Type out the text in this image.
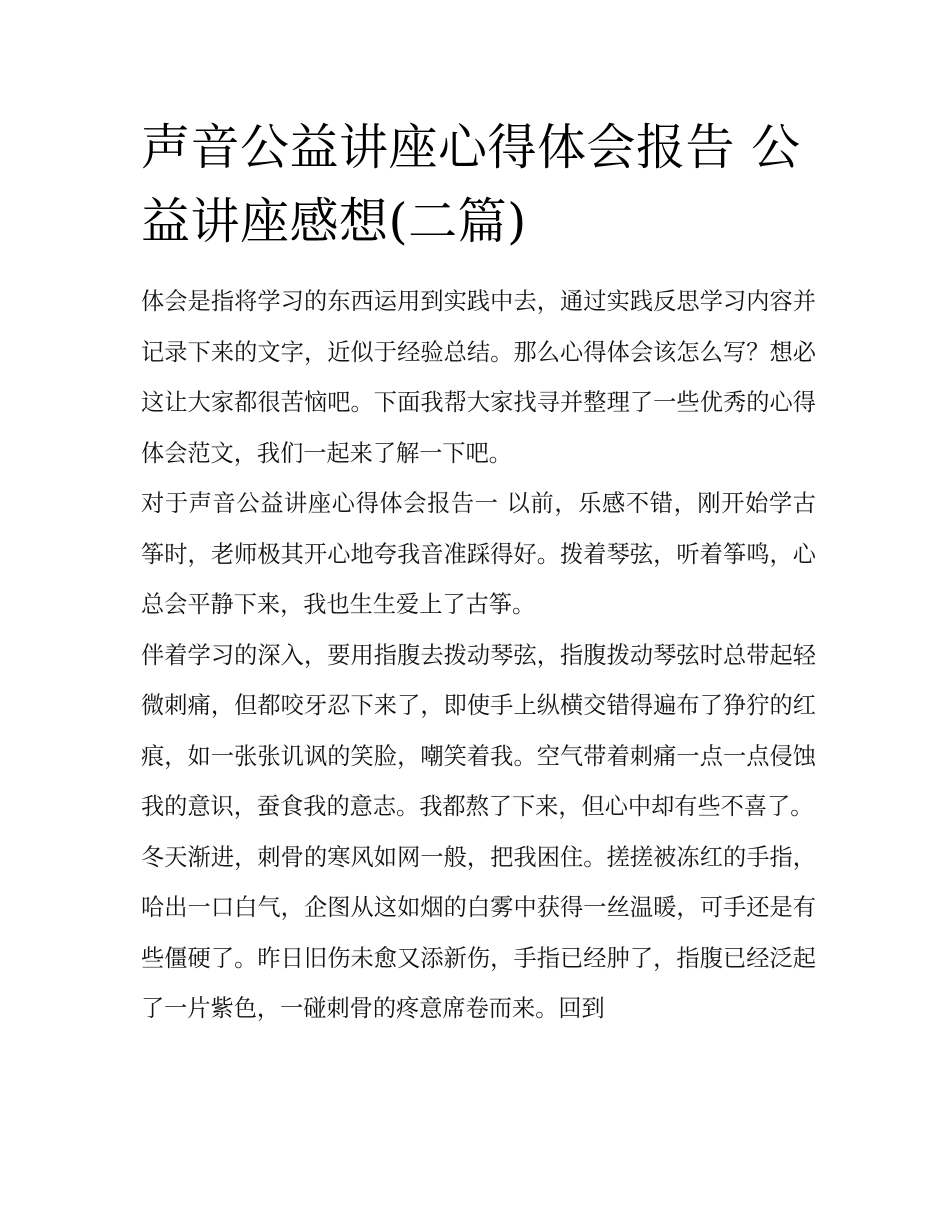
声音公益讲座心得体会报告 公益讲座感想(二篇)

体会是指将学习的东西运用到实践中去，通过实践反思学习内容并记录下来的文字，近似于经验总结。那么心得体会该怎么写？想必这让大家都很苦恼吧。下面我帮大家找寻并整理了一些优秀的心得体会范文，我们一起来了解一下吧。

对于声音公益讲座心得体会报告一 以前，乐感不错，刚开始学古筝时，老师极其开心地夸我音准踩得好。拨着琴弦，听着筝鸣，心总会平静下来，我也生生爱上了古筝。

伴着学习的深入，要用指腹去拨动琴弦，指腹拨动琴弦时总带起轻微刺痛，但都咬牙忍下来了，即使手上纵横交错得遍布了狰狞的红痕，如一张张讥讽的笑脸，嘲笑着我。空气带着刺痛一点一点侵蚀我的意识，蚕食我的意志。我都熬了下来，但心中却有些不喜了。

冬天渐进，刺骨的寒风如网一般，把我困住。搓搓被冻红的手指，哈出一口白气，企图从这如烟的白雾中获得一丝温暖，可手还是有些僵硬了。昨日旧伤未愈又添新伤，手指已经肿了，指腹已经泛起了一片紫色，一碰刺骨的疼意席卷而来。回到
